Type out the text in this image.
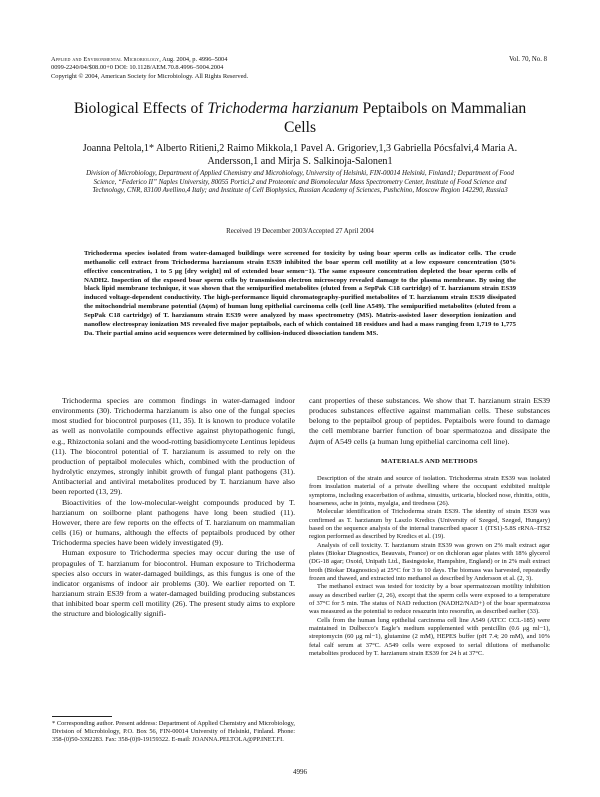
Applied and Environmental Microbiology, Aug. 2004, p. 4996–5004
0099-2240/04/$08.00+0 DOI: 10.1128/AEM.70.8.4996–5004.2004
Copyright © 2004, American Society for Microbiology. All Rights Reserved.
Vol. 70, No. 8
Biological Effects of Trichoderma harzianum Peptaibols on Mammalian Cells
Joanna Peltola,1* Alberto Ritieni,2 Raimo Mikkola,1 Pavel A. Grigoriev,1,3 Gabriella Pócsfalvi,4 Maria A. Andersson,1 and Mirja S. Salkinoja-Salonen1
Division of Microbiology, Department of Applied Chemistry and Microbiology, University of Helsinki, FIN-00014 Helsinki, Finland1; Department of Food Science, “Federico II” Naples University, 80055 Portici,2 and Proteomic and Biomolecular Mass Spectrometry Center, Institute of Food Science and Technology, CNR, 83100 Avellino,4 Italy; and Institute of Cell Biophysics, Russian Academy of Sciences, Pushchino, Moscow Region 142290, Russia3
Received 19 December 2003/Accepted 27 April 2004
Trichoderma species isolated from water-damaged buildings were screened for toxicity by using boar sperm cells as indicator cells. The crude methanolic cell extract from Trichoderma harzianum strain ES39 inhibited the boar sperm cell motility at a low exposure concentration (50% effective concentration, 1 to 5 μg [dry weight] ml of extended boar semen−1). The same exposure concentration depleted the boar sperm cells of NADH2. Inspection of the exposed boar sperm cells by transmission electron microscopy revealed damage to the plasma membrane. By using the black lipid membrane technique, it was shown that the semipurified metabolites (eluted from a SepPak C18 cartridge) of T. harzianum strain ES39 induced voltage-dependent conductivity. The high-performance liquid chromatography-purified metabolites of T. harzianum strain ES39 dissipated the mitochondrial membrane potential (Δψm) of human lung epithelial carcinoma cells (cell line A549). The semipurified metabolites (eluted from a SepPak C18 cartridge) of T. harzianum strain ES39 were analyzed by mass spectrometry (MS). Matrix-assisted laser desorption ionization and nanoflow electrospray ionization MS revealed five major peptaibols, each of which contained 18 residues and had a mass ranging from 1,719 to 1,775 Da. Their partial amino acid sequences were determined by collision-induced dissociation tandem MS.

Trichoderma species are common findings in water-damaged indoor environments (30). Trichoderma harzianum is also one of the fungal species most studied for biocontrol purposes (11, 35). It is known to produce volatile as well as nonvolatile compounds effective against phytopathogenic fungi, e.g., Rhizoctonia solani and the wood-rotting basidiomycete Lentinus lepideus (11). The biocontrol potential of T. harzianum is assumed to rely on the production of peptaibol molecules which, combined with the production of hydrolytic enzymes, strongly inhibit growth of fungal plant pathogens (31). Antibacterial and antiviral metabolites produced by T. harzianum have also been reported (13, 29).

Bioactivities of the low-molecular-weight compounds produced by T. harzianum on soilborne plant pathogens have long been studied (11). However, there are few reports on the effects of T. harzianum on mammalian cells (16) or humans, although the effects of peptaibols produced by other Trichoderma species have been widely investigated (9).

Human exposure to Trichoderma species may occur during the use of propagules of T. harzianum for biocontrol. Human exposure to Trichoderma species also occurs in water-damaged buildings, as this fungus is one of the indicator organisms of indoor air problems (30). We earlier reported on T. harzianum strain ES39 from a water-damaged building producing substances that inhibited boar sperm cell motility (26). The present study aims to explore the structure and biologically signifi-

cant properties of these substances. We show that T. harzianum strain ES39 produces substances effective against mammalian cells. These substances belong to the peptaibol group of peptides. Peptaibols were found to damage the cell membrane barrier function of boar spermatozoa and dissipate the Δψm of A549 cells (a human lung epithelial carcinoma cell line).

MATERIALS AND METHODS

Description of the strain and source of isolation. Trichoderma strain ES39 was isolated from insulation material of a private dwelling where the occupant exhibited multiple symptoms, including exacerbation of asthma, sinusitis, urticaria, blocked nose, rhinitis, otitis, hoarseness, ache in joints, myalgia, and tiredness (26).

Molecular identification of Trichoderma strain ES39. The identity of strain ES39 was confirmed as T. harzianum by Laszlo Kredics (University of Szeged, Szeged, Hungary) based on the sequence analysis of the internal transcribed spacer 1 (ITS1)-5.8S rRNA–ITS2 region performed as described by Kredics et al. (19).

Analysis of cell toxicity. T. harzianum strain ES39 was grown on 2% malt extract agar plates (Biokar Diagnostics, Beauvais, France) or on dichloran agar plates with 18% glycerol (DG-18 agar; Oxoid, Unipath Ltd., Basingstoke, Hampshire, England) or in 2% malt extract broth (Biokar Diagnostics) at 25°C for 3 to 10 days. The biomass was harvested, repeatedly frozen and thawed, and extracted into methanol as described by Andersson et al. (2, 3).

The methanol extract was tested for toxicity by a boar spermatozoan motility inhibition assay as described earlier (2, 26), except that the sperm cells were exposed to a temperature of 37°C for 5 min. The status of NAD reduction (NADH2/NAD+) of the boar spermatozoa was measured as the potential to reduce resazurin into resorufin, as described earlier (33).

Cells from the human lung epithelial carcinoma cell line A549 (ATCC CCL-185) were maintained in Dulbecco’s Eagle’s medium supplemented with penicillin (0.6 μg ml−1), streptomycin (60 μg ml−1), glutamine (2 mM), HEPES buffer (pH 7.4; 20 mM), and 10% fetal calf serum at 37°C. A549 cells were exposed to serial dilutions of methanolic metabolites produced by T. harzianum strain ES39 for 24 h at 37°C.

* Corresponding author. Present address: Department of Applied Chemistry and Microbiology, Division of Microbiology, P.O. Box 56, FIN-00014 University of Helsinki, Finland. Phone: 358-(0)50-3392283. Fax: 358-(0)9-19159322. E-mail: JOANNA.PELTOLA@PP.INET.FI.
4996
